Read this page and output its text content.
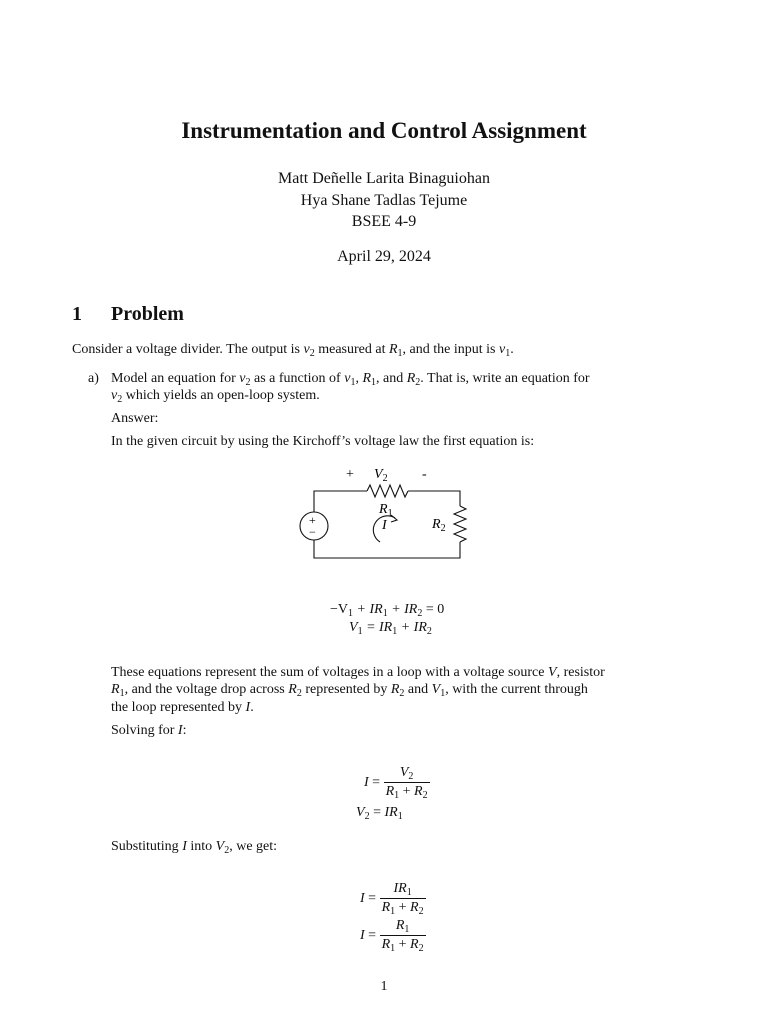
Instrumentation and Control Assignment
Matt Deñelle Larita Binaguiohan
Hya Shane Tadlas Tejume
BSEE 4-9
April 29, 2024
1 Problem
Consider a voltage divider. The output is $v_2$ measured at $R_1$, and the input is $v_1$.
a) Model an equation for $v_2$ as a function of $v_1$, $R_1$, and $R_2$. That is, write an equation for
$v_2$ which yields an open-loop system.
Answer:
In the given circuit by using the Kirchoff’s voltage law the first equation is:
+ $V_2$ -
+
−
$R_1$
$R_2$
I
$-V_1 + IR_1 + IR_2 = 0$
$V_1 = IR_1 + IR_2$
These equations represent the sum of voltages in a loop with a voltage source V, resistor
$R_1$, and the voltage drop across $R_2$ represented by $R_2$ and $V_1$, with the current through
the loop represented by I.
Solving for I:
$I = \frac{V_2}{R_1 + R_2}$
$V_2 = IR_1$
Substituting I into $V_2$, we get:
$I = \frac{IR_1}{R_1 + R_2}$
$I = \frac{R_1}{R_1 + R_2}$
1
